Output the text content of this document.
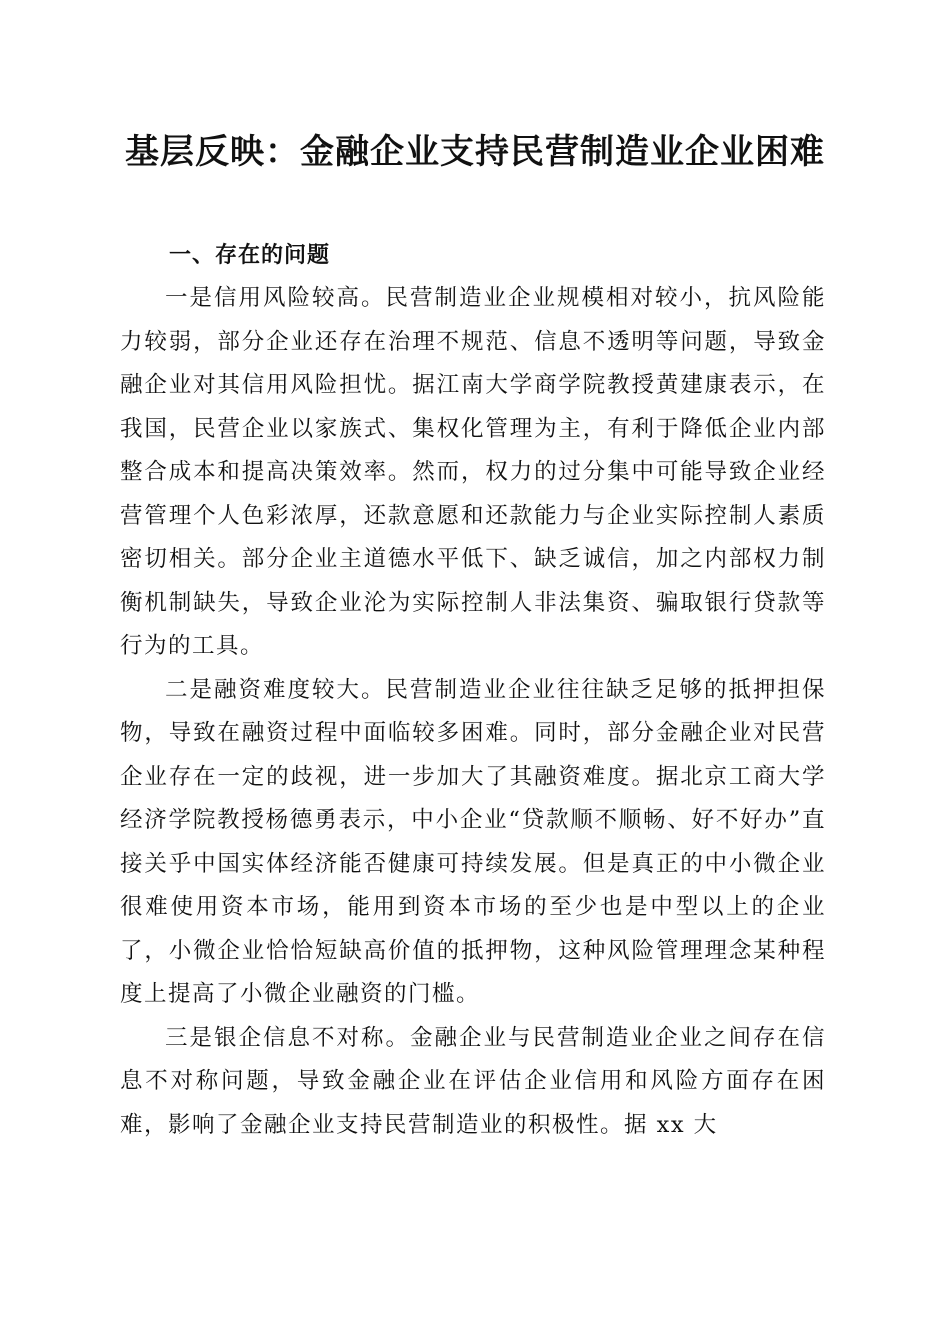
基层反映：金融企业支持民营制造业企业困难
一、存在的问题

一是信用风险较高。民营制造业企业规模相对较小，抗风险能力较弱，部分企业还存在治理不规范、信息不透明等问题，导致金融企业对其信用风险担忧。据江南大学商学院教授黄建康表示，在我国，民营企业以家族式、集权化管理为主，有利于降低企业内部整合成本和提高决策效率。然而，权力的过分集中可能导致企业经营管理个人色彩浓厚，还款意愿和还款能力与企业实际控制人素质密切相关。部分企业主道德水平低下、缺乏诚信，加之内部权力制衡机制缺失，导致企业沦为实际控制人非法集资、骗取银行贷款等行为的工具。

二是融资难度较大。民营制造业企业往往缺乏足够的抵押担保物，导致在融资过程中面临较多困难。同时，部分金融企业对民营企业存在一定的歧视，进一步加大了其融资难度。据北京工商大学经济学院教授杨德勇表示，中小企业“贷款顺不顺畅、好不好办”直接关乎中国实体经济能否健康可持续发展。但是真正的中小微企业很难使用资本市场，能用到资本市场的至少也是中型以上的企业了，小微企业恰恰短缺高价值的抵押物，这种风险管理理念某种程度上提高了小微企业融资的门槛。

三是银企信息不对称。金融企业与民营制造业企业之间存在信息不对称问题，导致金融企业在评估企业信用和风险方面存在困难，影响了金融企业支持民营制造业的积极性。据 xx 大
